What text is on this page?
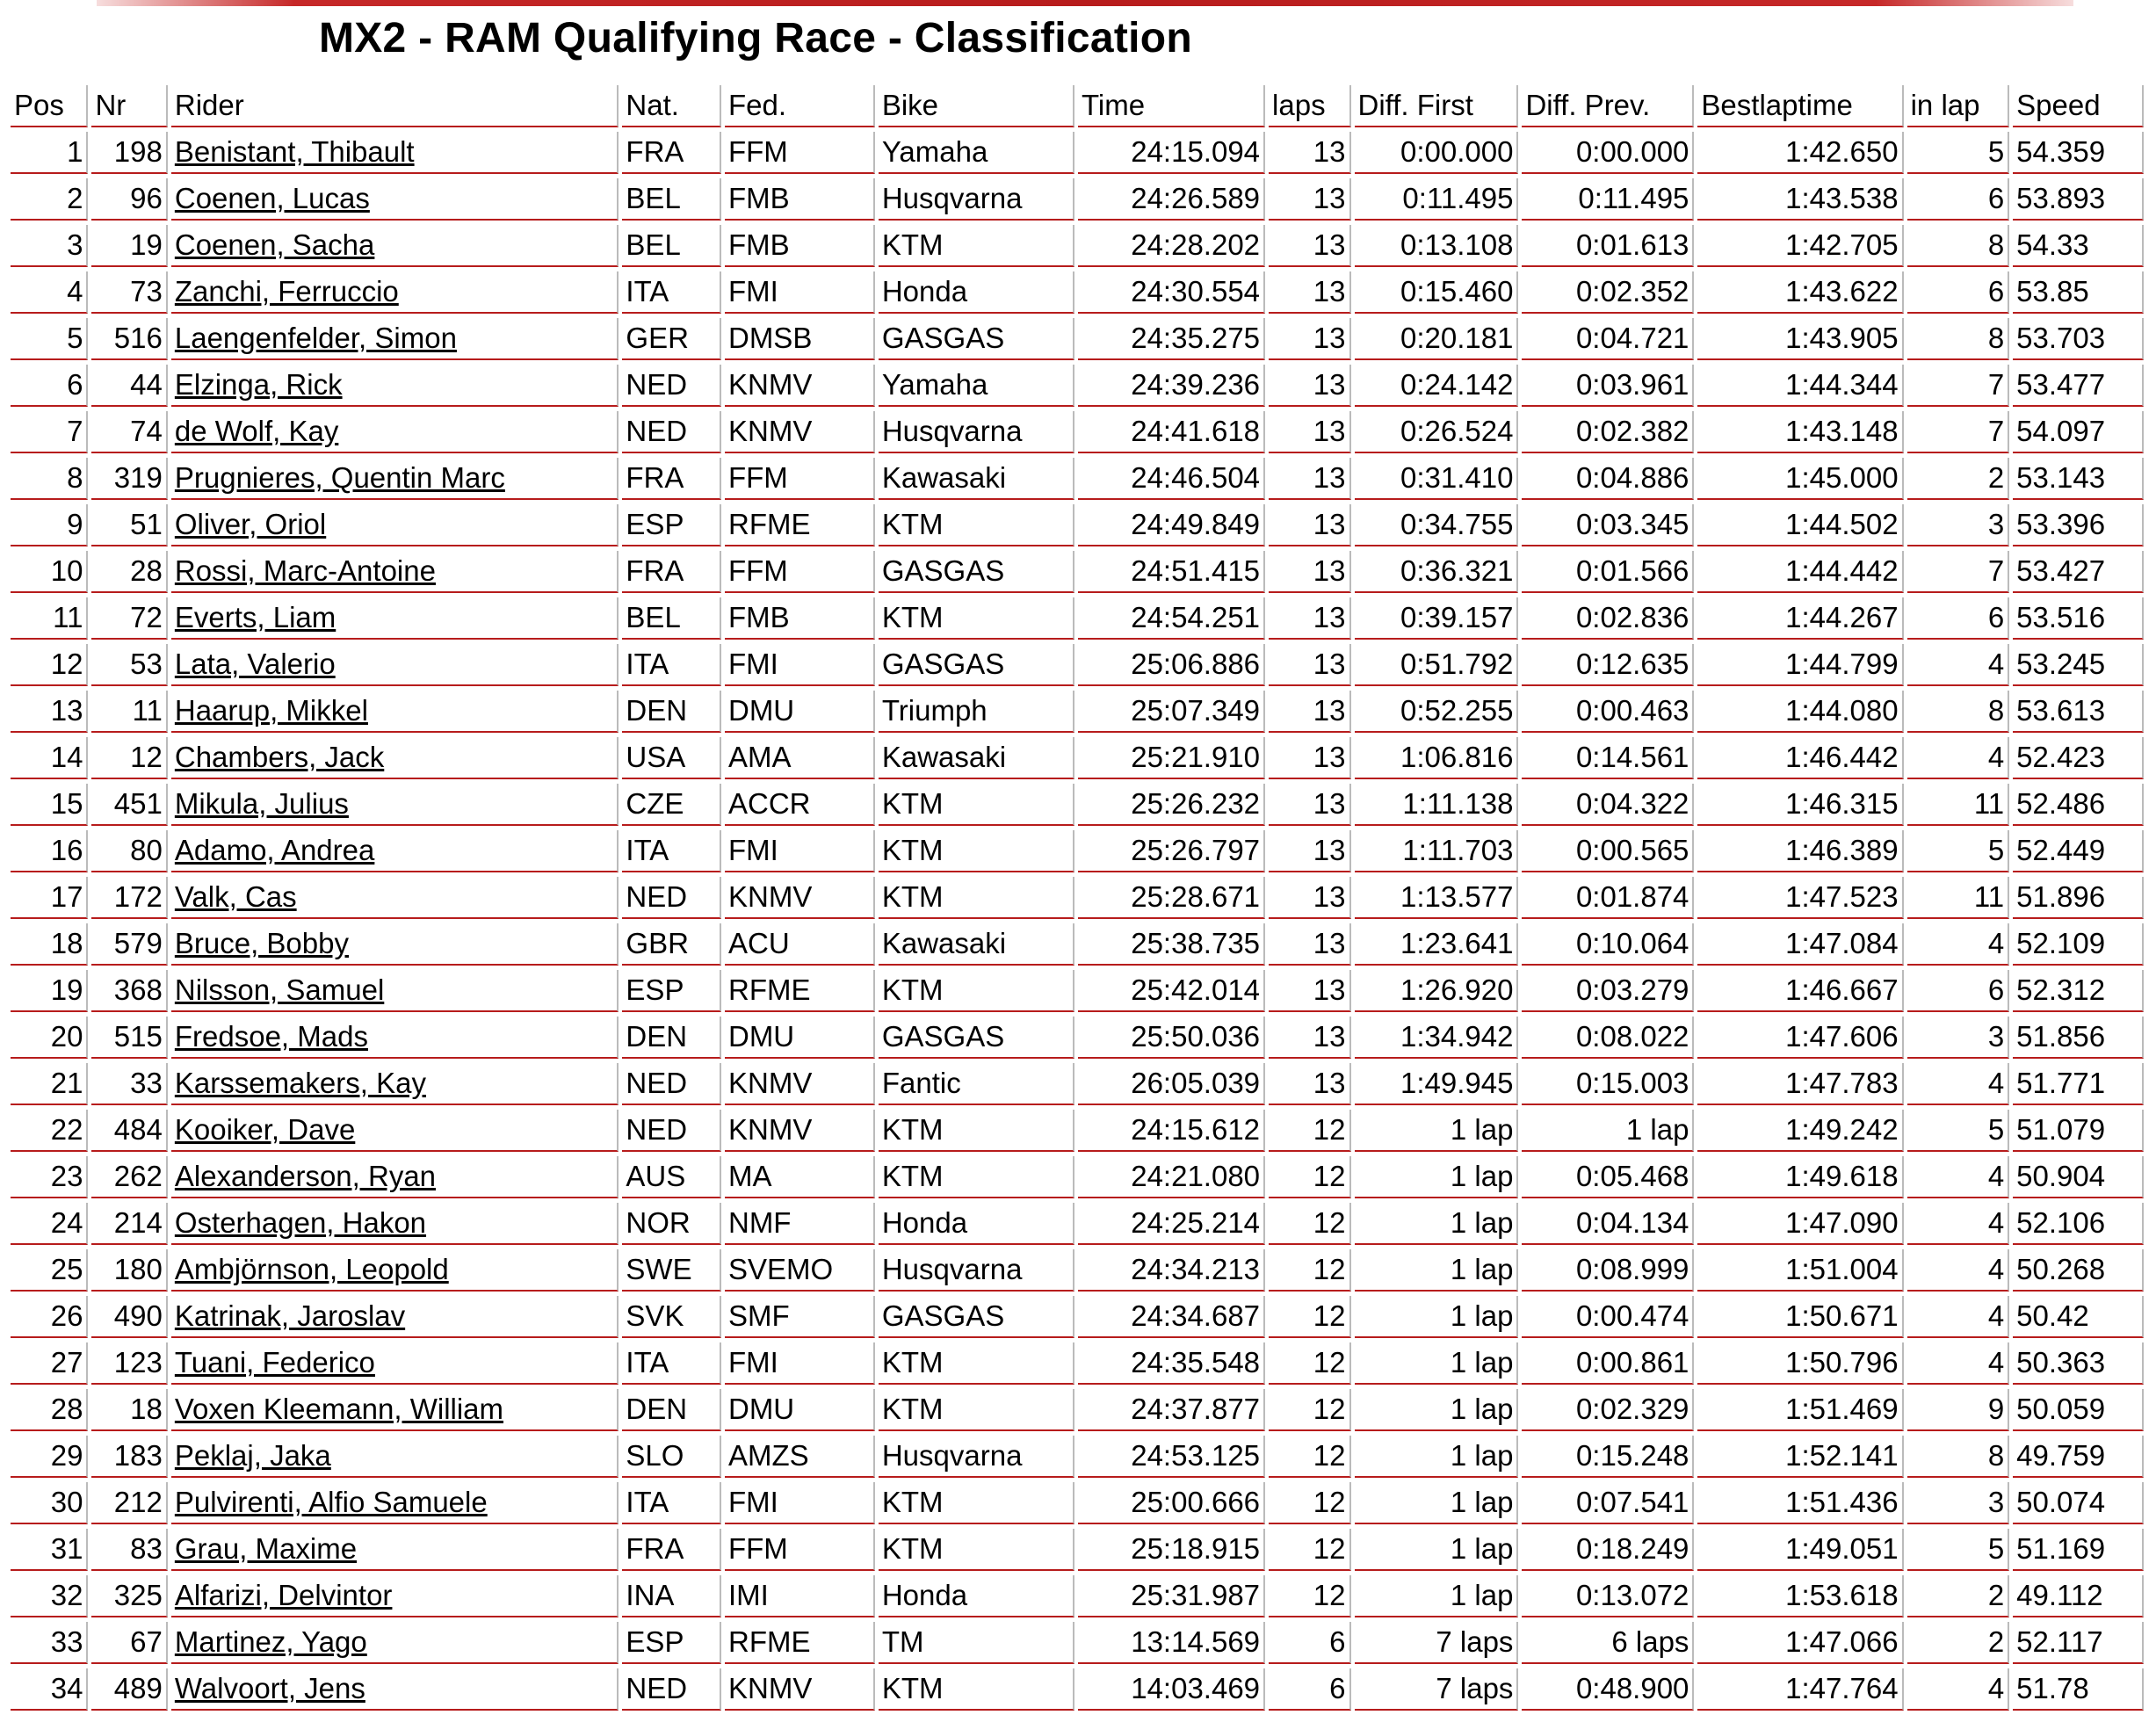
MX2 - RAM Qualifying Race - Classification
Pos	Nr	Rider	Nat.	Fed.	Bike	Time	laps	Diff. First	Diff. Prev.	Bestlaptime	in lap	Speed
1	198	Benistant, Thibault	FRA	FFM	Yamaha	24:15.094	13	0:00.000	0:00.000	1:42.650	5	54.359
2	96	Coenen, Lucas	BEL	FMB	Husqvarna	24:26.589	13	0:11.495	0:11.495	1:43.538	6	53.893
3	19	Coenen, Sacha	BEL	FMB	KTM	24:28.202	13	0:13.108	0:01.613	1:42.705	8	54.33
4	73	Zanchi, Ferruccio	ITA	FMI	Honda	24:30.554	13	0:15.460	0:02.352	1:43.622	6	53.85
5	516	Laengenfelder, Simon	GER	DMSB	GASGAS	24:35.275	13	0:20.181	0:04.721	1:43.905	8	53.703
6	44	Elzinga, Rick	NED	KNMV	Yamaha	24:39.236	13	0:24.142	0:03.961	1:44.344	7	53.477
7	74	de Wolf, Kay	NED	KNMV	Husqvarna	24:41.618	13	0:26.524	0:02.382	1:43.148	7	54.097
8	319	Prugnieres, Quentin Marc	FRA	FFM	Kawasaki	24:46.504	13	0:31.410	0:04.886	1:45.000	2	53.143
9	51	Oliver, Oriol	ESP	RFME	KTM	24:49.849	13	0:34.755	0:03.345	1:44.502	3	53.396
10	28	Rossi, Marc-Antoine	FRA	FFM	GASGAS	24:51.415	13	0:36.321	0:01.566	1:44.442	7	53.427
11	72	Everts, Liam	BEL	FMB	KTM	24:54.251	13	0:39.157	0:02.836	1:44.267	6	53.516
12	53	Lata, Valerio	ITA	FMI	GASGAS	25:06.886	13	0:51.792	0:12.635	1:44.799	4	53.245
13	11	Haarup, Mikkel	DEN	DMU	Triumph	25:07.349	13	0:52.255	0:00.463	1:44.080	8	53.613
14	12	Chambers, Jack	USA	AMA	Kawasaki	25:21.910	13	1:06.816	0:14.561	1:46.442	4	52.423
15	451	Mikula, Julius	CZE	ACCR	KTM	25:26.232	13	1:11.138	0:04.322	1:46.315	11	52.486
16	80	Adamo, Andrea	ITA	FMI	KTM	25:26.797	13	1:11.703	0:00.565	1:46.389	5	52.449
17	172	Valk, Cas	NED	KNMV	KTM	25:28.671	13	1:13.577	0:01.874	1:47.523	11	51.896
18	579	Bruce, Bobby	GBR	ACU	Kawasaki	25:38.735	13	1:23.641	0:10.064	1:47.084	4	52.109
19	368	Nilsson, Samuel	ESP	RFME	KTM	25:42.014	13	1:26.920	0:03.279	1:46.667	6	52.312
20	515	Fredsoe, Mads	DEN	DMU	GASGAS	25:50.036	13	1:34.942	0:08.022	1:47.606	3	51.856
21	33	Karssemakers, Kay	NED	KNMV	Fantic	26:05.039	13	1:49.945	0:15.003	1:47.783	4	51.771
22	484	Kooiker, Dave	NED	KNMV	KTM	24:15.612	12	1 lap	1 lap	1:49.242	5	51.079
23	262	Alexanderson, Ryan	AUS	MA	KTM	24:21.080	12	1 lap	0:05.468	1:49.618	4	50.904
24	214	Osterhagen, Hakon	NOR	NMF	Honda	24:25.214	12	1 lap	0:04.134	1:47.090	4	52.106
25	180	Ambjörnson, Leopold	SWE	SVEMO	Husqvarna	24:34.213	12	1 lap	0:08.999	1:51.004	4	50.268
26	490	Katrinak, Jaroslav	SVK	SMF	GASGAS	24:34.687	12	1 lap	0:00.474	1:50.671	4	50.42
27	123	Tuani, Federico	ITA	FMI	KTM	24:35.548	12	1 lap	0:00.861	1:50.796	4	50.363
28	18	Voxen Kleemann, William	DEN	DMU	KTM	24:37.877	12	1 lap	0:02.329	1:51.469	9	50.059
29	183	Peklaj, Jaka	SLO	AMZS	Husqvarna	24:53.125	12	1 lap	0:15.248	1:52.141	8	49.759
30	212	Pulvirenti, Alfio Samuele	ITA	FMI	KTM	25:00.666	12	1 lap	0:07.541	1:51.436	3	50.074
31	83	Grau, Maxime	FRA	FFM	KTM	25:18.915	12	1 lap	0:18.249	1:49.051	5	51.169
32	325	Alfarizi, Delvintor	INA	IMI	Honda	25:31.987	12	1 lap	0:13.072	1:53.618	2	49.112
33	67	Martinez, Yago	ESP	RFME	TM	13:14.569	6	7 laps	6 laps	1:47.066	2	52.117
34	489	Walvoort, Jens	NED	KNMV	KTM	14:03.469	6	7 laps	0:48.900	1:47.764	4	51.78
